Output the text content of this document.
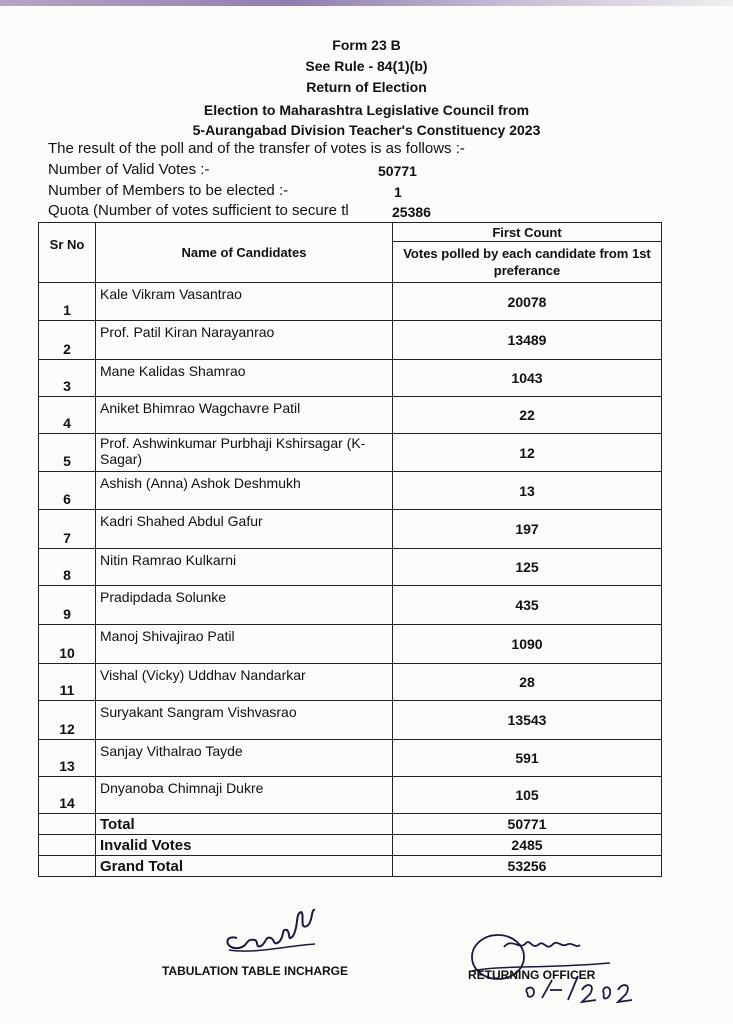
Form 23 B
See Rule - 84(1)(b)
Return of Election
Election to Maharashtra Legislative Council from
5-Aurangabad Division Teacher's Constituency 2023
The result of the poll and of the transfer of votes is as follows :-
Number of Valid Votes :-	50771
Number of Members to be elected :-	1
Quota (Number of votes sufficient to secure tl	25386
Sr No	Name of Candidates	First Count
		Votes polled by each candidate from 1st preferance
1	Kale Vikram Vasantrao	20078
2	Prof. Patil Kiran Narayanrao	13489
3	Mane Kalidas Shamrao	1043
4	Aniket Bhimrao Wagchavre Patil	22
5	Prof. Ashwinkumar Purbhaji Kshirsagar (K-Sagar)	12
6	Ashish (Anna) Ashok Deshmukh	13
7	Kadri Shahed Abdul Gafur	197
8	Nitin Ramrao Kulkarni	125
9	Pradipdada Solunke	435
10	Manoj Shivajirao Patil	1090
11	Vishal (Vicky) Uddhav Nandarkar	28
12	Suryakant Sangram Vishvasrao	13543
13	Sanjay Vithalrao Tayde	591
14	Dnyanoba Chimnaji Dukre	105
	Total	50771
	Invalid Votes	2485
	Grand Total	53256
TABULATION TABLE INCHARGE	RETURNING OFFICER
